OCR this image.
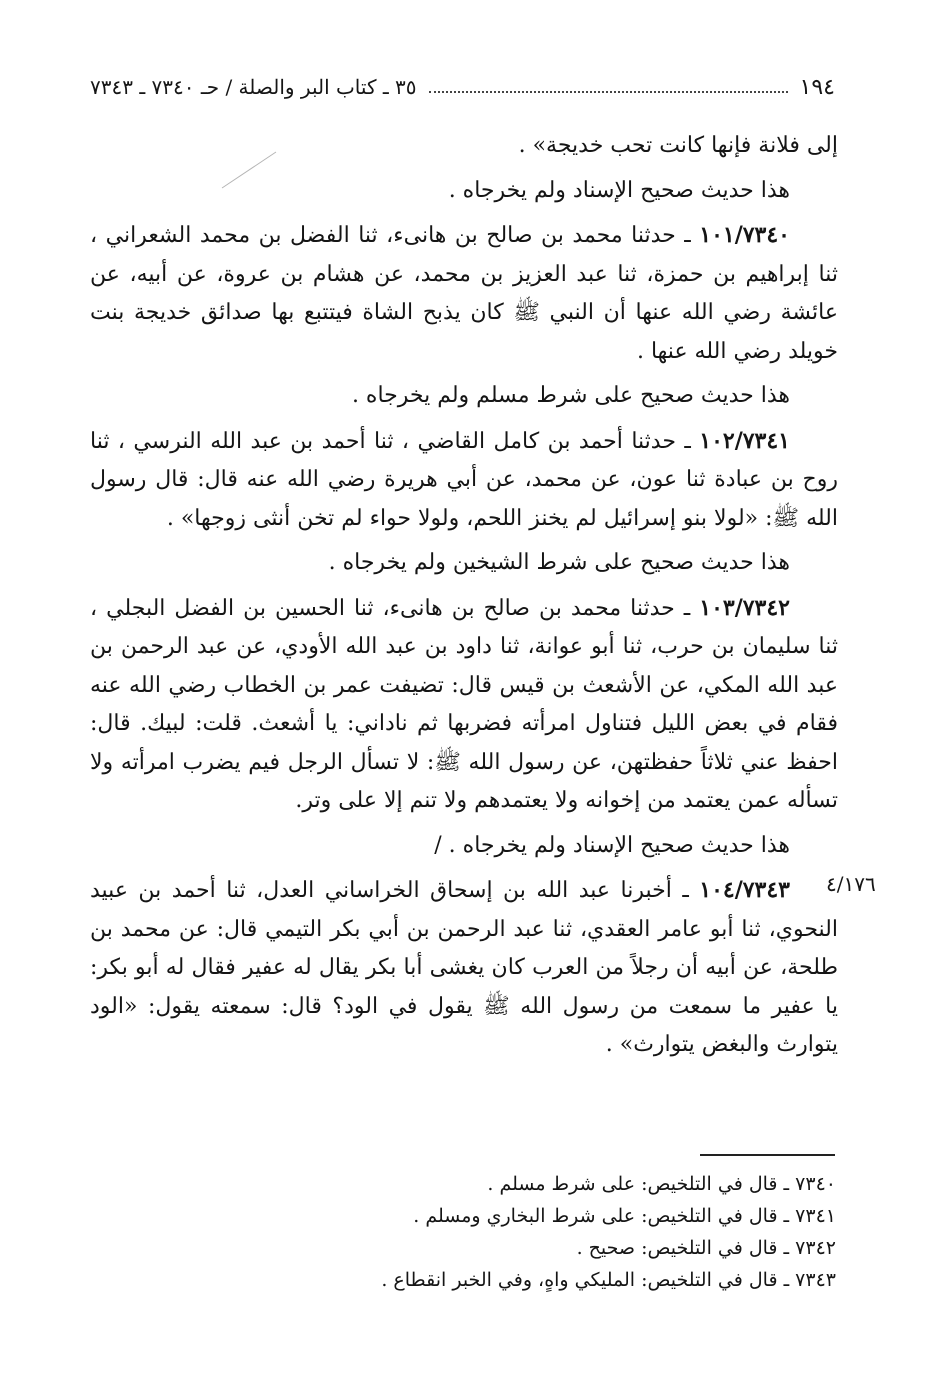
١٩٤
٣٥ ـ كتاب البر والصلة / حـ ٧٣٤٠ ـ ٧٣٤٣

إلى فلانة فإنها كانت تحب خديجة» .

هذا حديث صحيح الإسناد ولم يخرجاه .

١٠١/٧٣٤٠ ـ حدثنا محمد بن صالح بن هانىء، ثنا الفضل بن محمد الشعراني ، ثنا إبراهيم بن حمزة، ثنا عبد العزيز بن محمد، عن هشام بن عروة، عن أبيه، عن عائشة رضي الله عنها أن النبي ﷺ كان يذبح الشاة فيتتبع بها صدائق خديجة بنت خويلد رضي الله عنها .

هذا حديث صحيح على شرط مسلم ولم يخرجاه .

١٠٢/٧٣٤١ ـ حدثنا أحمد بن كامل القاضي ، ثنا أحمد بن عبد الله النرسي ، ثنا روح بن عبادة ثنا عون، عن محمد، عن أبي هريرة رضي الله عنه قال: قال رسول الله ﷺ: «لولا بنو إسرائيل لم يخنز اللحم، ولولا حواء لم تخن أنثى زوجها» .

هذا حديث صحيح على شرط الشيخين ولم يخرجاه .

١٠٣/٧٣٤٢ ـ حدثنا محمد بن صالح بن هانىء، ثنا الحسين بن الفضل البجلي ، ثنا سليمان بن حرب، ثنا أبو عوانة، ثنا داود بن عبد الله الأودي، عن عبد الرحمن بن عبد الله المكي، عن الأشعث بن قيس قال: تضيفت عمر بن الخطاب رضي الله عنه فقام في بعض الليل فتناول امرأته فضربها ثم ناداني: يا أشعث. قلت: لبيك. قال: احفظ عني ثلاثاً حفظتهن، عن رسول الله ﷺ: لا تسأل الرجل فيم يضرب امرأته ولا تسأله عمن يعتمد من إخوانه ولا يعتمدهم ولا تنم إلا على وتر.

هذا حديث صحيح الإسناد ولم يخرجاه . /

١٠٤/٧٣٤٣ ـ أخبرنا عبد الله بن إسحاق الخراساني العدل، ثنا أحمد بن عبيد النحوي، ثنا أبو عامر العقدي، ثنا عبد الرحمن بن أبي بكر التيمي قال: عن محمد بن طلحة، عن أبيه أن رجلاً من العرب كان يغشى أبا بكر يقال له عفير فقال له أبو بكر: يا عفير ما سمعت من رسول الله ﷺ يقول في الود؟ قال: سمعته يقول: «الود يتوارث والبغض يتوارث» .

٤/١٧٦

٧٣٤٠ ـ قال في التلخيص: على شرط مسلم .

٧٣٤١ ـ قال في التلخيص: على شرط البخاري ومسلم .

٧٣٤٢ ـ قال في التلخيص: صحيح .

٧٣٤٣ ـ قال في التلخيص: المليكي واهٍ، وفي الخبر انقطاع .
